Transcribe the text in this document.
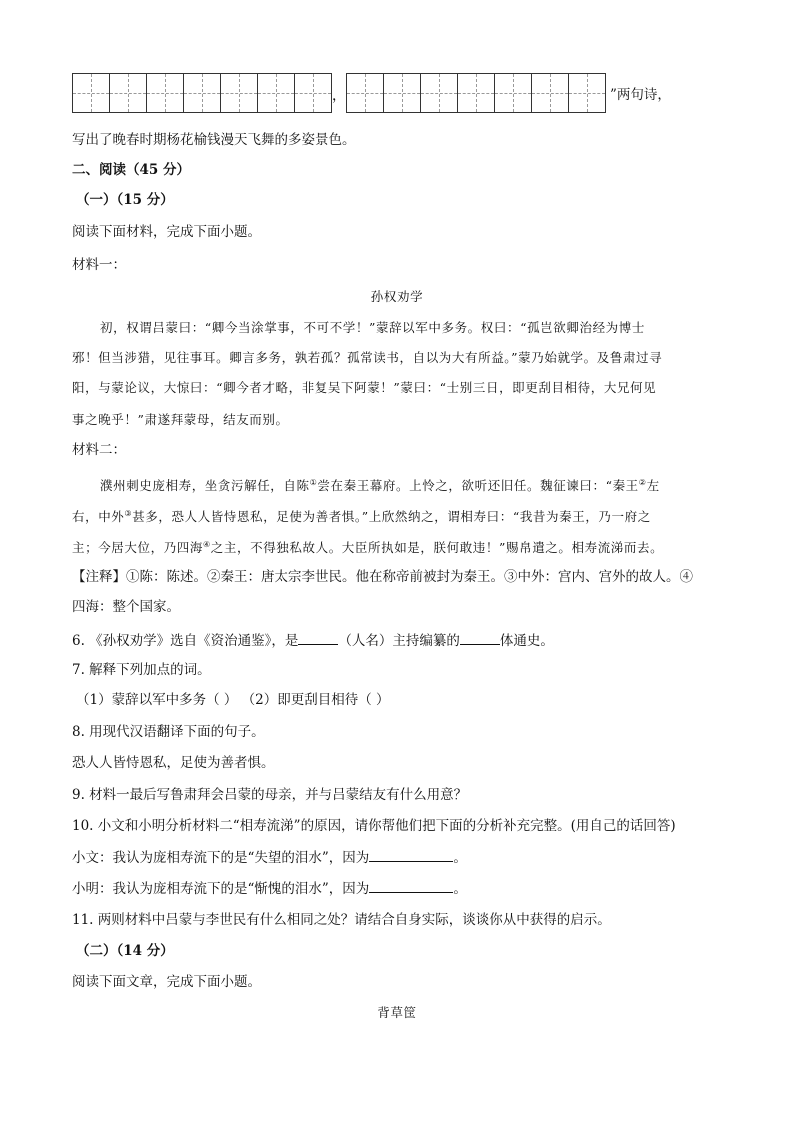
，	”两句诗，
写出了晚春时期杨花榆钱漫天飞舞的多姿景色。
二、阅读（45 分）
（一）（15 分）
阅读下面材料，完成下面小题。
材料一：
孙权劝学
初，权谓吕蒙曰：“卿今当涂掌事，不可不学！”蒙辞以军中多务。权曰：“孤岂欲卿治经为博士
邪！但当涉猎，见往事耳。卿言多务，孰若孤？孤常读书，自以为大有所益。”蒙乃始就学。及鲁肃过寻
阳，与蒙论议，大惊曰：“卿今者才略，非复吴下阿蒙！”蒙曰：“士别三日，即更刮目相待，大兄何见
事之晚乎！”肃遂拜蒙母，结友而别。
材料二：
濮州刺史庞相寿，坐贪污解任，自陈①尝在秦王幕府。上怜之，欲听还旧任。魏征谏曰：“秦王②左
右，中外③甚多，恐人人皆恃恩私，足使为善者惧。”上欣然纳之，谓相寿曰：“我昔为秦王，乃一府之
主；今居大位，乃四海④之主，不得独私故人。大臣所执如是，朕何敢违！”赐帛遣之。相寿流涕而去。
【注释】①陈：陈述。②秦王：唐太宗李世民。他在称帝前被封为秦王。③中外：宫内、宫外的故人。④
四海：整个国家。
6. 《孙权劝学》选自《资治通鉴》，是	（人名）主持编纂的	体通史。
7. 解释下列加点的词。
（1）蒙辞以军中多务（ ） （2）即更刮目相待（ ）
8. 用现代汉语翻译下面的句子。
恐人人皆恃恩私，足使为善者惧。
9. 材料一最后写鲁肃拜会吕蒙的母亲，并与吕蒙结友有什么用意？
10. 小文和小明分析材料二“相寿流涕”的原因，请你帮他们把下面的分析补充完整。(用自己的话回答)
小文：我认为庞相寿流下的是“失望的泪水”，因为	。
小明：我认为庞相寿流下的是“惭愧的泪水”，因为	。
11. 两则材料中吕蒙与李世民有什么相同之处？请结合自身实际，谈谈你从中获得的启示。
（二）（14 分）
阅读下面文章，完成下面小题。
背草筐
